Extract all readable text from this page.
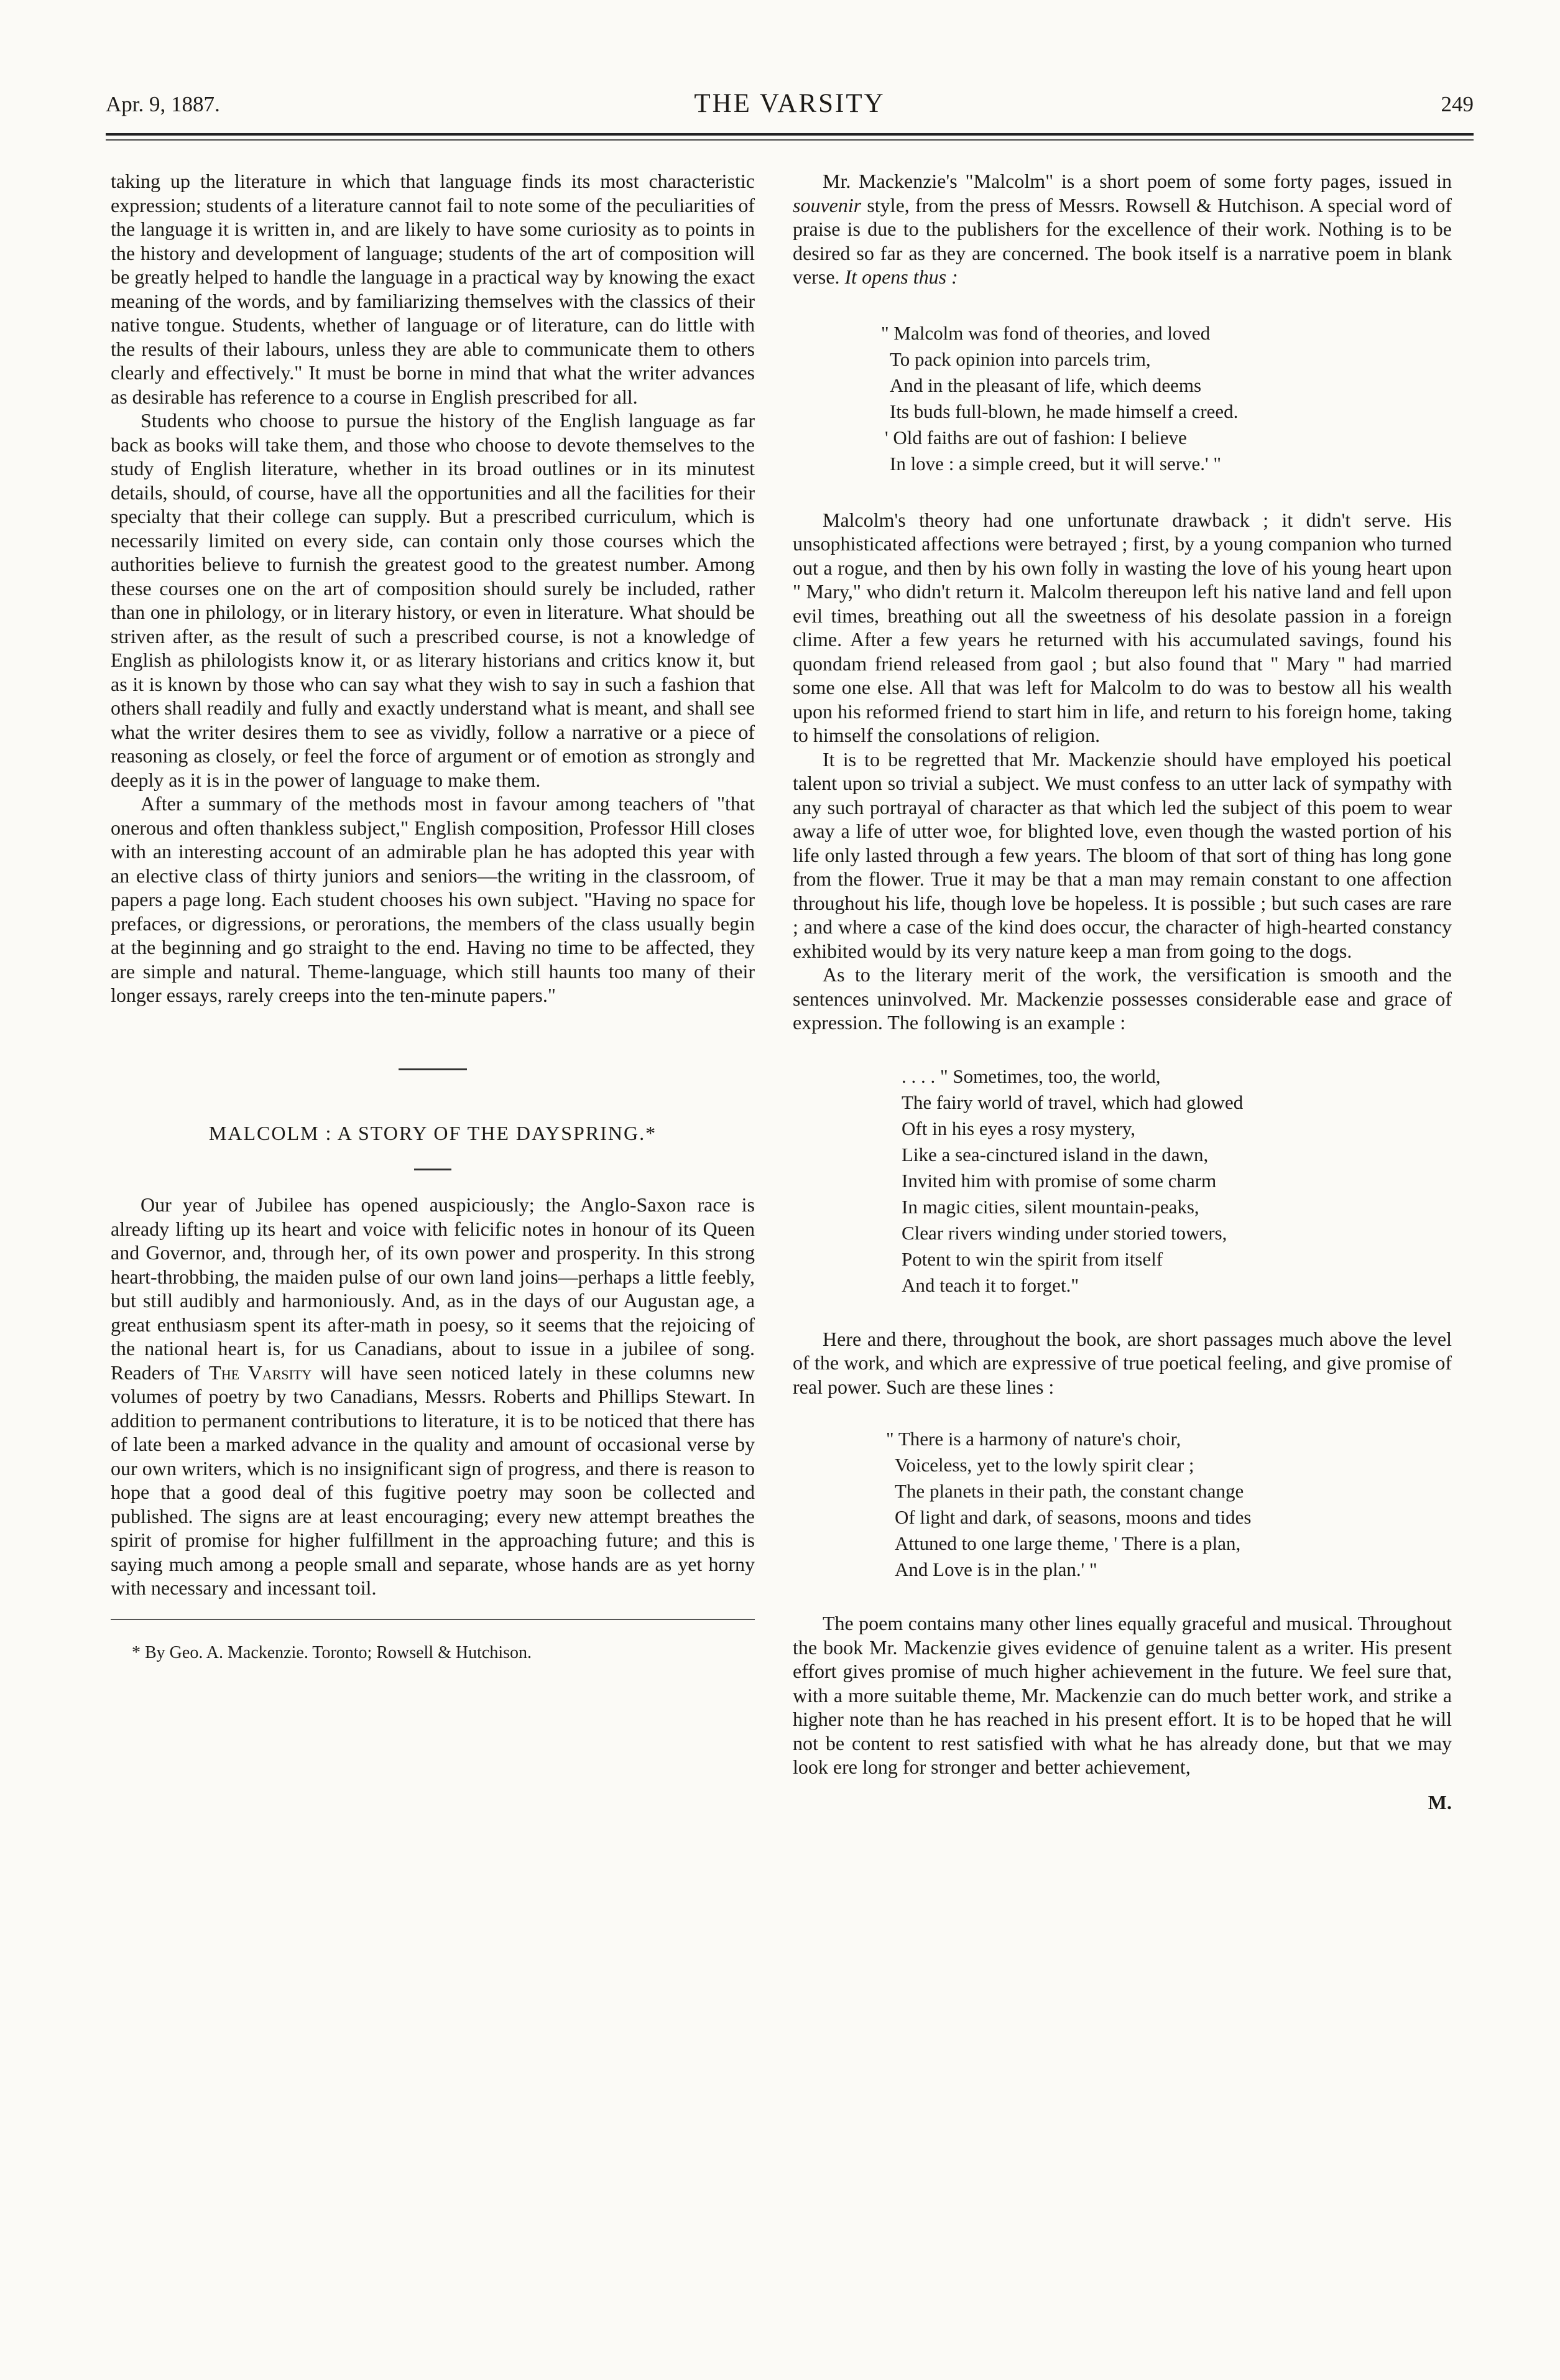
Apr. 9, 1887.	THE VARSITY	249

taking up the literature in which that language finds its most characteristic expression; students of a literature cannot fail to note some of the peculiarities of the language it is written in, and are likely to have some curiosity as to points in the history and development of language; students of the art of composition will be greatly helped to handle the language in a practical way by knowing the exact meaning of the words, and by familiarizing themselves with the classics of their native tongue. Students, whether of language or of literature, can do little with the results of their labours, unless they are able to communicate them to others clearly and effectively." It must be borne in mind that what the writer advances as desirable has reference to a course in English prescribed for all.

Students who choose to pursue the history of the English language as far back as books will take them, and those who choose to devote themselves to the study of English literature, whether in its broad outlines or in its minutest details, should, of course, have all the opportunities and all the facilities for their specialty that their college can supply. But a prescribed curriculum, which is necessarily limited on every side, can contain only those courses which the authorities believe to furnish the greatest good to the greatest number. Among these courses one on the art of composition should surely be included, rather than one in philology, or in literary history, or even in literature. What should be striven after, as the result of such a prescribed course, is not a knowledge of English as philologists know it, or as literary historians and critics know it, but as it is known by those who can say what they wish to say in such a fashion that others shall readily and fully and exactly understand what is meant, and shall see what the writer desires them to see as vividly, follow a narrative or a piece of reasoning as closely, or feel the force of argument or of emotion as strongly and deeply as it is in the power of language to make them.

After a summary of the methods most in favour among teachers of "that onerous and often thankless subject," English composition, Professor Hill closes with an interesting account of an admirable plan he has adopted this year with an elective class of thirty juniors and seniors—the writing in the classroom, of papers a page long. Each student chooses his own subject. "Having no space for prefaces, or digressions, or perorations, the members of the class usually begin at the beginning and go straight to the end. Having no time to be affected, they are simple and natural. Theme-language, which still haunts too many of their longer essays, rarely creeps into the ten-minute papers."

MALCOLM : A STORY OF THE DAYSPRING.*

Our year of Jubilee has opened auspiciously; the Anglo-Saxon race is already lifting up its heart and voice with felicific notes in honour of its Queen and Governor, and, through her, of its own power and prosperity. In this strong heart-throbbing, the maiden pulse of our own land joins—perhaps a little feebly, but still audibly and harmoniously. And, as in the days of our Augustan age, a great enthusiasm spent its after-math in poesy, so it seems that the rejoicing of the national heart is, for us Canadians, about to issue in a jubilee of song. Readers of The Varsity will have seen noticed lately in these columns new volumes of poetry by two Canadians, Messrs. Roberts and Phillips Stewart. In addition to permanent contributions to literature, it is to be noticed that there has of late been a marked advance in the quality and amount of occasional verse by our own writers, which is no insignificant sign of progress, and there is reason to hope that a good deal of this fugitive poetry may soon be collected and published. The signs are at least encouraging; every new attempt breathes the spirit of promise for higher fulfillment in the approaching future; and this is saying much among a people small and separate, whose hands are as yet horny with necessary and incessant toil.

* By Geo. A. Mackenzie. Toronto; Rowsell & Hutchison.

Mr. Mackenzie's "Malcolm" is a short poem of some forty pages, issued in souvenir style, from the press of Messrs. Rowsell & Hutchison. A special word of praise is due to the publishers for the excellence of their work. Nothing is to be desired so far as they are concerned. The book itself is a narrative poem in blank verse. It opens thus :

" Malcolm was fond of theories, and loved
To pack opinion into parcels trim,
And in the pleasant of life, which deems
Its buds full-blown, he made himself a creed.
' Old faiths are out of fashion: I believe
In love : a simple creed, but it will serve.' "

Malcolm's theory had one unfortunate drawback ; it didn't serve. His unsophisticated affections were betrayed ; first, by a young companion who turned out a rogue, and then by his own folly in wasting the love of his young heart upon " Mary," who didn't return it. Malcolm thereupon left his native land and fell upon evil times, breathing out all the sweetness of his desolate passion in a foreign clime. After a few years he returned with his accumulated savings, found his quondam friend released from gaol ; but also found that " Mary " had married some one else. All that was left for Malcolm to do was to bestow all his wealth upon his reformed friend to start him in life, and return to his foreign home, taking to himself the consolations of religion.

It is to be regretted that Mr. Mackenzie should have employed his poetical talent upon so trivial a subject. We must confess to an utter lack of sympathy with any such portrayal of character as that which led the subject of this poem to wear away a life of utter woe, for blighted love, even though the wasted portion of his life only lasted through a few years. The bloom of that sort of thing has long gone from the flower. True it may be that a man may remain constant to one affection throughout his life, though love be hopeless. It is possible ; but such cases are rare ; and where a case of the kind does occur, the character of high-hearted constancy exhibited would by its very nature keep a man from going to the dogs.

As to the literary merit of the work, the versification is smooth and the sentences uninvolved. Mr. Mackenzie possesses considerable ease and grace of expression. The following is an example :

. . . . " Sometimes, too, the world,
The fairy world of travel, which had glowed
Oft in his eyes a rosy mystery,
Like a sea-cinctured island in the dawn,
Invited him with promise of some charm
In magic cities, silent mountain-peaks,
Clear rivers winding under storied towers,
Potent to win the spirit from itself
And teach it to forget."

Here and there, throughout the book, are short passages much above the level of the work, and which are expressive of true poetical feeling, and give promise of real power. Such are these lines :

" There is a harmony of nature's choir,
Voiceless, yet to the lowly spirit clear ;
The planets in their path, the constant change
Of light and dark, of seasons, moons and tides
Attuned to one large theme, ' There is a plan,
And Love is in the plan.' "

The poem contains many other lines equally graceful and musical. Throughout the book Mr. Mackenzie gives evidence of genuine talent as a writer. His present effort gives promise of much higher achievement in the future. We feel sure that, with a more suitable theme, Mr. Mackenzie can do much better work, and strike a higher note than he has reached in his present effort. It is to be hoped that he will not be content to rest satisfied with what he has already done, but that we may look ere long for stronger and better achievement,

M.
